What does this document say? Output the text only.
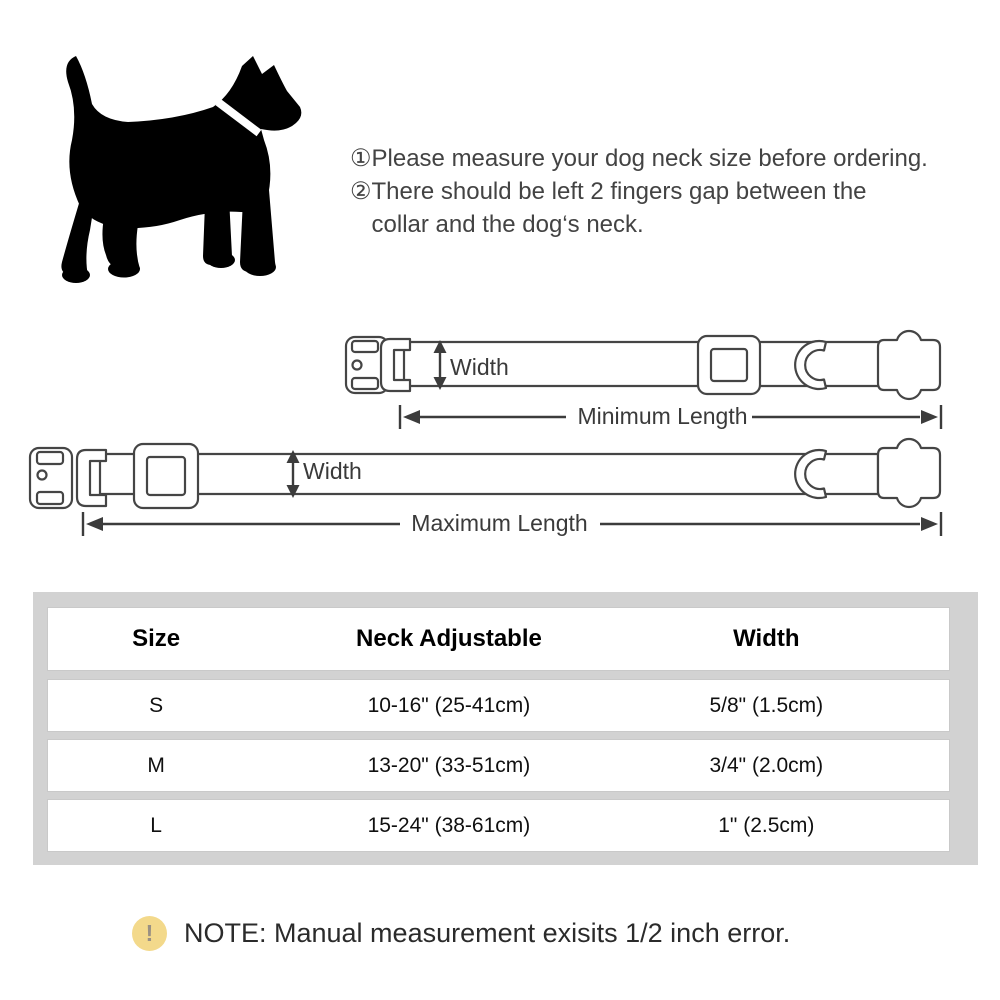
① Please measure your dog neck size before ordering.
② There should be left 2 fingers gap between the
collar and the dog‘s neck.
Width
Minimum Length
Width
Maximum Length
Size	Neck Adjustable	Width
S	10-16" (25-41cm)	5/8" (1.5cm)
M	13-20" (33-51cm)	3/4" (2.0cm)
L	15-24" (38-61cm)	1" (2.5cm)
!	NOTE: Manual measurement exisits 1/2 inch error.
